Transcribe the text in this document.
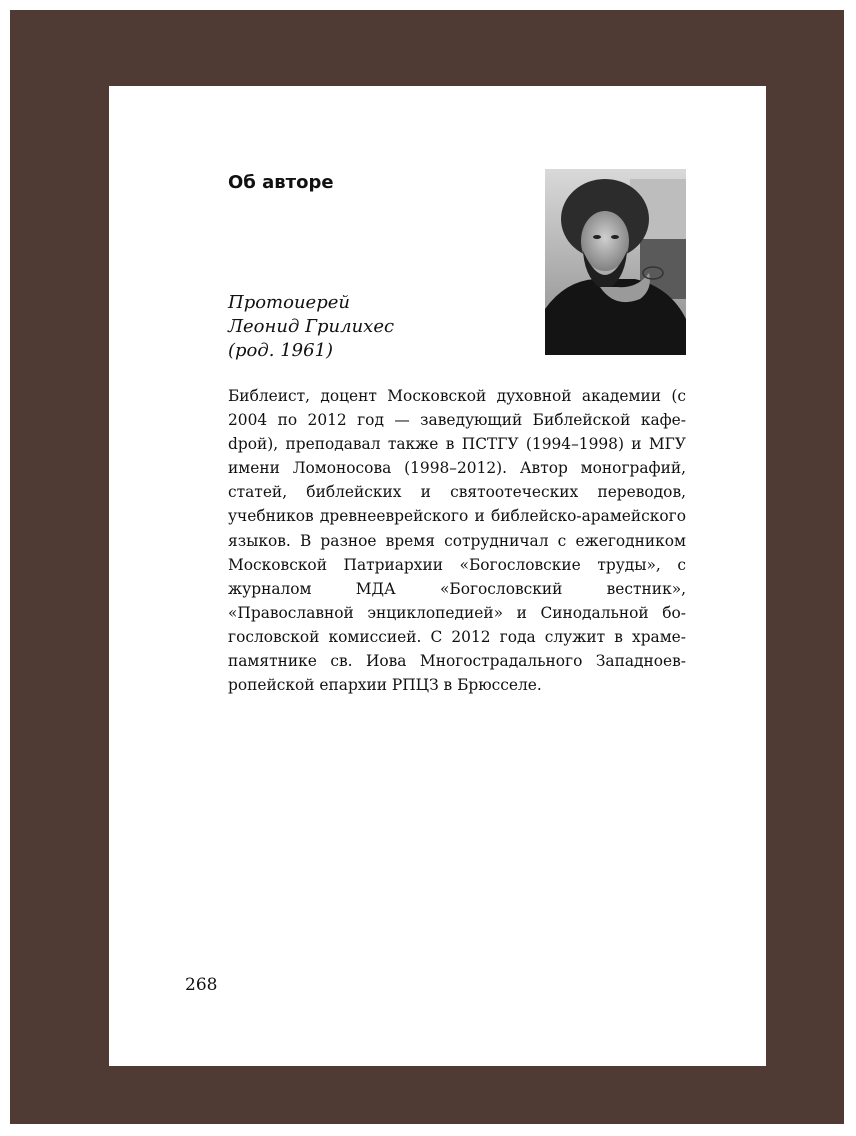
Об авторе
Протоиерей
Леонид Грилихес
(род. 1961)

Библеист, доцент Московской духовной академии (с 2004 по 2012 год — заведующий Библейской кафеdрой), преподавал также в ПСТГУ (1994–1998) и МГУ имени Ломоносова (1998–2012). Автор монографий, статей, библейских и святоотеческих переводов, учебников древнееврейского и библейско-арамейского языков. В разное время сотрудничал с ежегодником Московской Патриархии «Богословские труды», с журналом МДА «Богословский вестник», «Православной энциклопедией» и Синодальной богословской комиссией. С 2012 года служит в храме-памятнике св. Иова Многострадального Западноевропейской епархии РПЦЗ в Брюсселе.

268
